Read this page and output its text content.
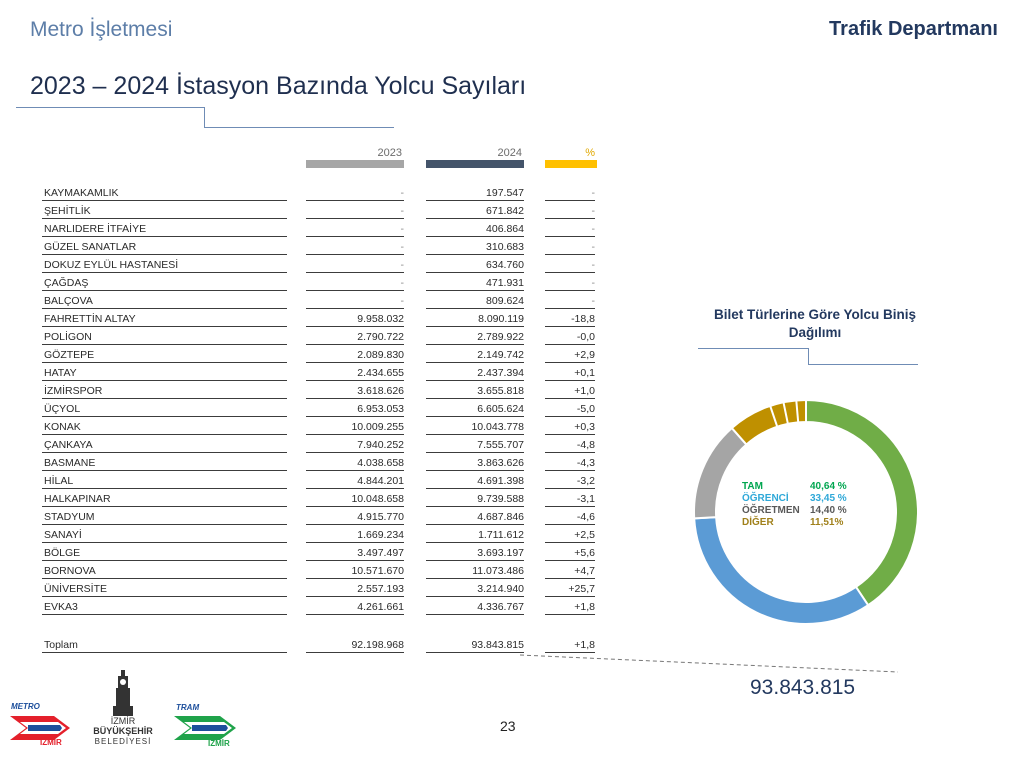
Metro İşletmesi	Trafik Departmanı
2023 – 2024 İstasyon Bazında Yolcu Sayıları
2023	2024	%
KAYMAKAMLIK	-	197.547	-
ŞEHİTLİK	-	671.842	-
NARLIDERE İTFAİYE	-	406.864	-
GÜZEL SANATLAR	-	310.683	-
DOKUZ EYLÜL HASTANESİ	-	634.760	-
ÇAĞDAŞ	-	471.931	-
BALÇOVA	-	809.624	-
FAHRETTİN ALTAY	9.958.032	8.090.119	-18,8
POLİGON	2.790.722	2.789.922	-0,0
GÖZTEPE	2.089.830	2.149.742	+2,9
HATAY	2.434.655	2.437.394	+0,1
İZMİRSPOR	3.618.626	3.655.818	+1,0
ÜÇYOL	6.953.053	6.605.624	-5,0
KONAK	10.009.255	10.043.778	+0,3
ÇANKAYA	7.940.252	7.555.707	-4,8
BASMANE	4.038.658	3.863.626	-4,3
HİLAL	4.844.201	4.691.398	-3,2
HALKAPINAR	10.048.658	9.739.588	-3,1
STADYUM	4.915.770	4.687.846	-4,6
SANAYİ	1.669.234	1.711.612	+2,5
BÖLGE	3.497.497	3.693.197	+5,6
BORNOVA	10.571.670	11.073.486	+4,7
ÜNİVERSİTE	2.557.193	3.214.940	+25,7
EVKA3	4.261.661	4.336.767	+1,8
Toplam	92.198.968	93.843.815	+1,8
Bilet Türlerine Göre Yolcu Biniş Dağılımı
TAM	40,64 %
ÖĞRENCİ	33,45 %
ÖĞRETMEN	14,40 %
DİĞER	11,51%
93.843.815
METRO
İZMİR
İZMİR
BÜYÜKŞEHİR
BELEDİYESİ
TRAM
İZMİR
23
